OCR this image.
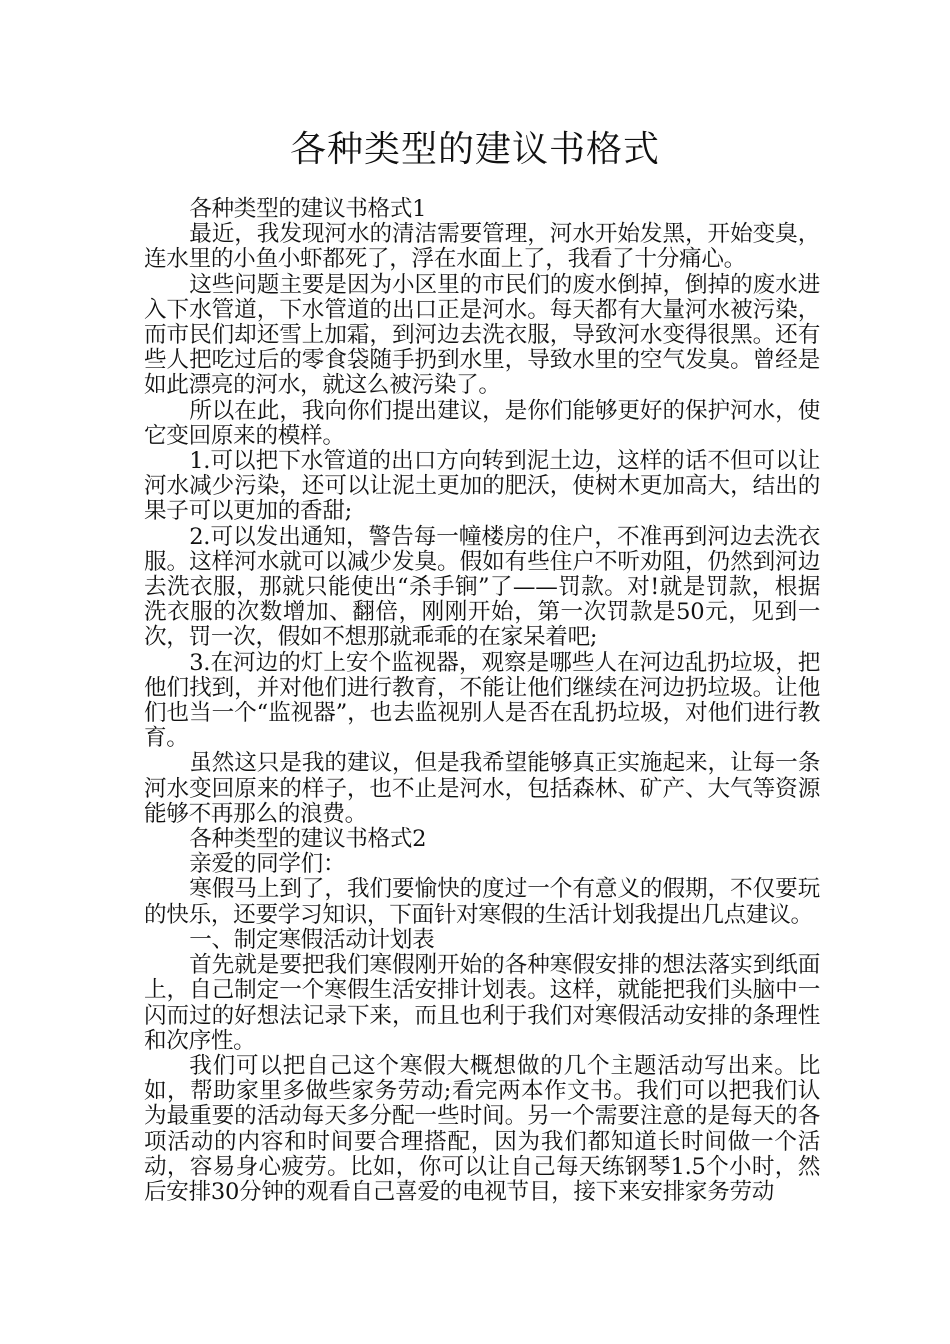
各种类型的建议书格式

各种类型的建议书格式1

最近，我发现河水的清洁需要管理，河水开始发黑，开始变臭，连水里的小鱼小虾都死了，浮在水面上了，我看了十分痛心。

这些问题主要是因为小区里的市民们的废水倒掉，倒掉的废水进入下水管道，下水管道的出口正是河水。每天都有大量河水被污染，而市民们却还雪上加霜，到河边去洗衣服，导致河水变得很黑。还有些人把吃过后的零食袋随手扔到水里，导致水里的空气发臭。曾经是如此漂亮的河水，就这么被污染了。

所以在此，我向你们提出建议，是你们能够更好的保护河水，使它变回原来的模样。

1.可以把下水管道的出口方向转到泥土边，这样的话不但可以让河水减少污染，还可以让泥土更加的肥沃，使树木更加高大，结出的果子可以更加的香甜;

2.可以发出通知，警告每一幢楼房的住户，不准再到河边去洗衣服。这样河水就可以减少发臭。假如有些住户不听劝阻，仍然到河边去洗衣服，那就只能使出“杀手锏”了——罚款。对!就是罚款，根据洗衣服的次数增加、翻倍，刚刚开始，第一次罚款是50元，见到一次，罚一次，假如不想那就乖乖的在家呆着吧;

3.在河边的灯上安个监视器，观察是哪些人在河边乱扔垃圾，把他们找到，并对他们进行教育，不能让他们继续在河边扔垃圾。让他们也当一个“监视器”，也去监视别人是否在乱扔垃圾，对他们进行教育。

虽然这只是我的建议，但是我希望能够真正实施起来，让每一条河水变回原来的样子，也不止是河水，包括森林、矿产、大气等资源能够不再那么的浪费。

各种类型的建议书格式2

亲爱的同学们：

寒假马上到了，我们要愉快的度过一个有意义的假期，不仅要玩的快乐，还要学习知识，下面针对寒假的生活计划我提出几点建议。

一、制定寒假活动计划表

首先就是要把我们寒假刚开始的各种寒假安排的想法落实到纸面上，自己制定一个寒假生活安排计划表。这样，就能把我们头脑中一闪而过的好想法记录下来，而且也利于我们对寒假活动安排的条理性和次序性。

我们可以把自己这个寒假大概想做的几个主题活动写出来。比如，帮助家里多做些家务劳动;看完两本作文书。我们可以把我们认为最重要的活动每天多分配一些时间。另一个需要注意的是每天的各项活动的内容和时间要合理搭配，因为我们都知道长时间做一个活动，容易身心疲劳。比如，你可以让自己每天练钢琴1.5个小时，然后安排30分钟的观看自己喜爱的电视节目，接下来安排家务劳动
